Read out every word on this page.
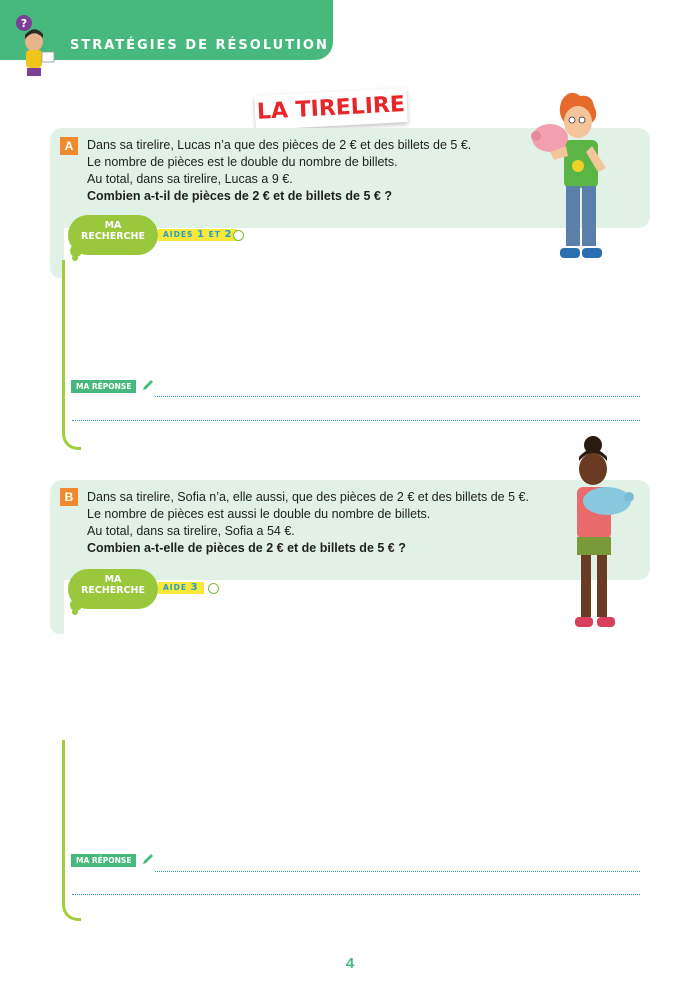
STRATÉGIES DE RÉSOLUTION
?
LA TIRELIRE
A	Dans sa tirelire, Lucas n’a que des pièces de 2 € et des billets de 5 €.

Le nombre de pièces est le double du nombre de billets.

Au total, dans sa tirelire, Lucas a 9 €.

Combien a-t-il de pièces de 2 € et de billets de 5 € ?

MA
RECHERCHE	AIDES 1 ET 2
MA RÉPONSE
B	Dans sa tirelire, Sofia n’a, elle aussi, que des pièces de 2 € et des billets de 5 €.

Le nombre de pièces est aussi le double du nombre de billets.

Au total, dans sa tirelire, Sofia a 54 €.

Combien a-t-elle de pièces de 2 € et de billets de 5 € ?

MA
RECHERCHE	AIDE 3
MA RÉPONSE
4
